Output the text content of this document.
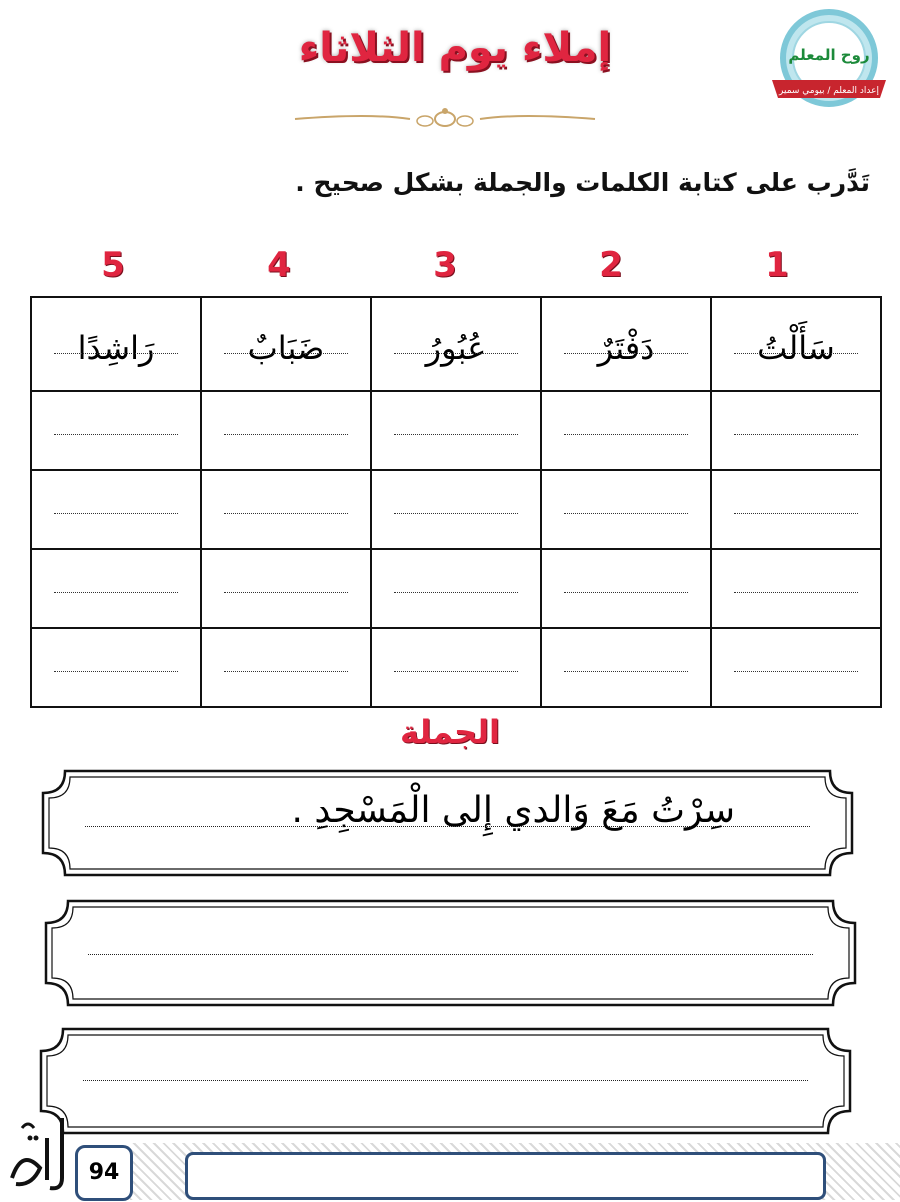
روح المعلم
إعداد المعلم / بيومي سمير
إملاء يوم الثلاثاء
تَدَّرب على كتابة الكلمات والجملة بشكل صحيح .
1
2
3
4
5
سَأَلْتُ	دَفْتَرٌ	عُبُورُ	ضَبَابٌ	رَاشِدًا

الجملة
سِرْتُ مَعَ وَالدي إِلى الْمَسْجِدِ .
94
